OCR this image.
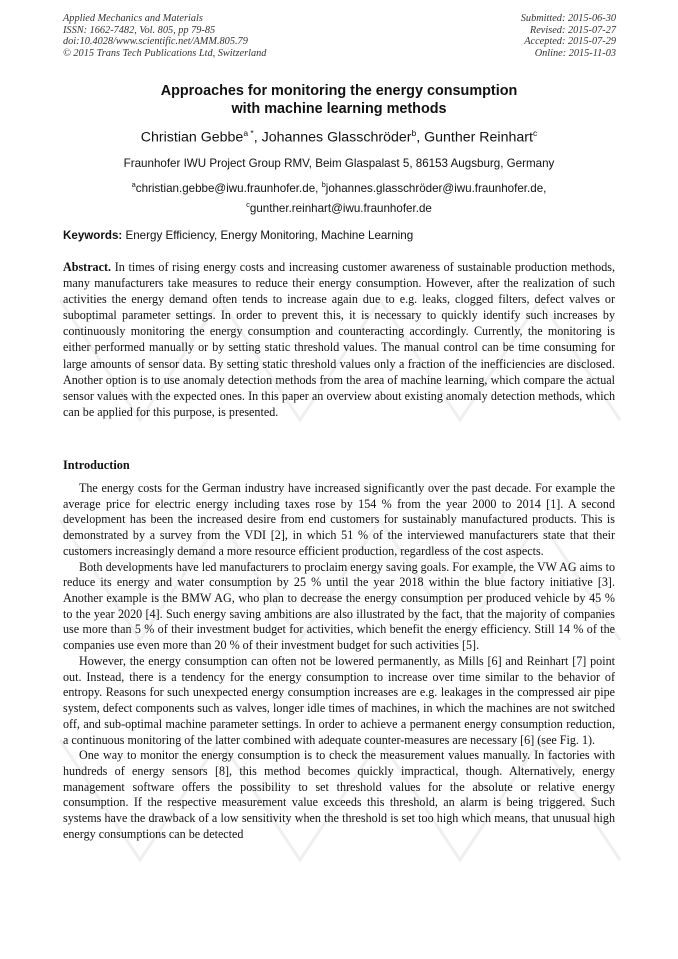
Applied Mechanics and Materials
ISSN: 1662-7482, Vol. 805, pp 79-85
doi:10.4028/www.scientific.net/AMM.805.79
© 2015 Trans Tech Publications Ltd, Switzerland
Submitted: 2015-06-30
Revised: 2015-07-27
Accepted: 2015-07-29
Online: 2015-11-03
Approaches for monitoring the energy consumption
with machine learning methods
Christian Gebbe$^{a *}$, Johannes Glasschröder$^b$, Gunther Reinhart$^c$
Fraunhofer IWU Project Group RMV, Beim Glaspalast 5, 86153 Augsburg, Germany
$^a$christian.gebbe@iwu.fraunhofer.de, $^b$johannes.glasschröder@iwu.fraunhofer.de,
$^c$gunther.reinhart@iwu.fraunhofer.de
Keywords: Energy Efficiency, Energy Monitoring, Machine Learning
Abstract. In times of rising energy costs and increasing customer awareness of sustainable production methods, many manufacturers take measures to reduce their energy consumption. However, after the realization of such activities the energy demand often tends to increase again due to e.g. leaks, clogged filters, defect valves or suboptimal parameter settings. In order to prevent this, it is necessary to quickly identify such increases by continuously monitoring the energy consumption and counteracting accordingly. Currently, the monitoring is either performed manually or by setting static threshold values. The manual control can be time consuming for large amounts of sensor data. By setting static threshold values only a fraction of the inefficiencies are disclosed. Another option is to use anomaly detection methods from the area of machine learning, which compare the actual sensor values with the expected ones. In this paper an overview about existing anomaly detection methods, which can be applied for this purpose, is presented.
Introduction

The energy costs for the German industry have increased significantly over the past decade. For example the average price for electric energy including taxes rose by 154 % from the year 2000 to 2014 [1]. A second development has been the increased desire from end customers for sustainably manufactured products. This is demonstrated by a survey from the VDI [2], in which 51 % of the interviewed manufacturers state that their customers increasingly demand a more resource efficient production, regardless of the cost aspects.

Both developments have led manufacturers to proclaim energy saving goals. For example, the VW AG aims to reduce its energy and water consumption by 25 % until the year 2018 within the blue factory initiative [3]. Another example is the BMW AG, who plan to decrease the energy consumption per produced vehicle by 45 % to the year 2020 [4]. Such energy saving ambitions are also illustrated by the fact, that the majority of companies use more than 5 % of their investment budget for activities, which benefit the energy efficiency. Still 14 % of the companies use even more than 20 % of their investment budget for such activities [5].

However, the energy consumption can often not be lowered permanently, as Mills [6] and Reinhart [7] point out. Instead, there is a tendency for the energy consumption to increase over time similar to the behavior of entropy. Reasons for such unexpected energy consumption increases are e.g. leakages in the compressed air pipe system, defect components such as valves, longer idle times of machines, in which the machines are not switched off, and sub-optimal machine parameter settings. In order to achieve a permanent energy consumption reduction, a continuous monitoring of the latter combined with adequate counter-measures are necessary [6] (see Fig. 1).

One way to monitor the energy consumption is to check the measurement values manually. In factories with hundreds of energy sensors [8], this method becomes quickly impractical, though. Alternatively, energy management software offers the possibility to set threshold values for the absolute or relative energy consumption. If the respective measurement value exceeds this threshold, an alarm is being triggered. Such systems have the drawback of a low sensitivity when the threshold is set too high which means, that unusual high energy consumptions can be detected
